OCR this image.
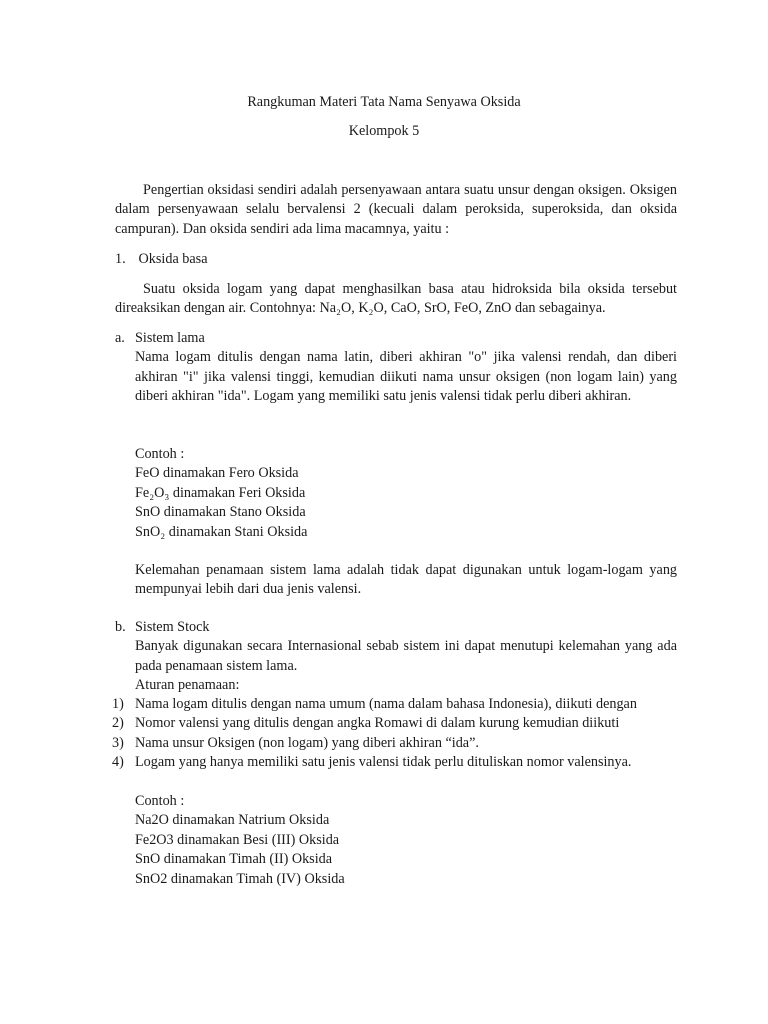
Rangkuman Materi Tata Nama Senyawa Oksida

Kelompok 5

Pengertian oksidasi sendiri adalah persenyawaan antara suatu unsur dengan oksigen. Oksigen dalam persenyawaan selalu bervalensi 2 (kecuali dalam peroksida, superoksida, dan oksida campuran). Dan oksida sendiri ada lima macamnya, yaitu :

1. Oksida basa

Suatu oksida logam yang dapat menghasilkan basa atau hidroksida bila oksida tersebut direaksikan dengan air. Contohnya: Na₂O, K₂O, CaO, SrO, FeO, ZnO dan sebagainya.

a. Sistem lama
Nama logam ditulis dengan nama latin, diberi akhiran "o" jika valensi rendah, dan diberi akhiran "i" jika valensi tinggi, kemudian diikuti nama unsur oksigen (non logam lain) yang diberi akhiran "ida". Logam yang memiliki satu jenis valensi tidak perlu diberi akhiran.
Contoh :
FeO dinamakan Fero Oksida
Fe₂O₃ dinamakan Feri Oksida
SnO dinamakan Stano Oksida
SnO₂ dinamakan Stani Oksida

Kelemahan penamaan sistem lama adalah tidak dapat digunakan untuk logam-logam yang mempunyai lebih dari dua jenis valensi.

b. Sistem Stock
Banyak digunakan secara Internasional sebab sistem ini dapat menutupi kelemahan yang ada pada penamaan sistem lama.
Aturan penamaan:
1) Nama logam ditulis dengan nama umum (nama dalam bahasa Indonesia), diikuti dengan
2) Nomor valensi yang ditulis dengan angka Romawi di dalam kurung kemudian diikuti
3) Nama unsur Oksigen (non logam) yang diberi akhiran “ida”.
4) Logam yang hanya memiliki satu jenis valensi tidak perlu dituliskan nomor valensinya.
Contoh :
Na2O dinamakan Natrium Oksida
Fe2O3 dinamakan Besi (III) Oksida
SnO dinamakan Timah (II) Oksida
SnO2 dinamakan Timah (IV) Oksida
